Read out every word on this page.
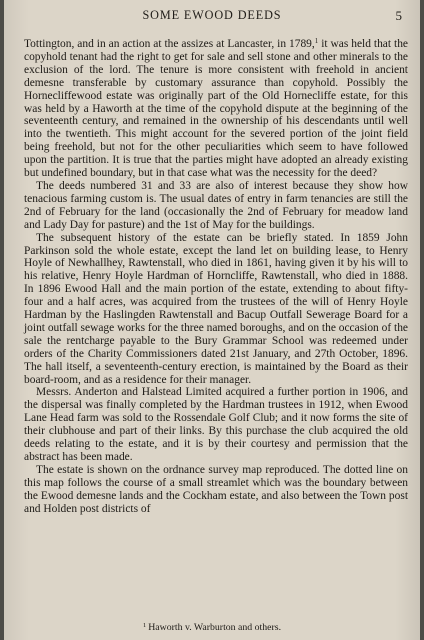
SOME EWOOD DEEDS	5

Tottington, and in an action at the assizes at Lancaster, in 1789,$^1$ it was held that the copyhold tenant had the right to get for sale and sell stone and other minerals to the exclusion of the lord. The tenure is more consistent with freehold in ancient demesne transferable by customary assurance than copyhold. Possibly the Hornecliffewood estate was originally part of the Old Hornecliffe estate, for this was held by a Haworth at the time of the copyhold dispute at the beginning of the seventeenth century, and remained in the ownership of his descendants until well into the twentieth. This might account for the severed portion of the joint field being freehold, but not for the other peculiarities which seem to have followed upon the partition. It is true that the parties might have adopted an already existing but undefined boundary, but in that case what was the necessity for the deed?

The deeds numbered 31 and 33 are also of interest because they show how tenacious farming custom is. The usual dates of entry in farm tenancies are still the 2nd of February for the land (occasionally the 2nd of February for meadow land and Lady Day for pasture) and the 1st of May for the buildings.

The subsequent history of the estate can be briefly stated. In 1859 John Parkinson sold the whole estate, except the land let on building lease, to Henry Hoyle of Newhallhey, Rawtenstall, who died in 1861, having given it by his will to his relative, Henry Hoyle Hardman of Horncliffe, Rawtenstall, who died in 1888. In 1896 Ewood Hall and the main portion of the estate, extending to about fifty-four and a half acres, was acquired from the trustees of the will of Henry Hoyle Hardman by the Haslingden Rawtenstall and Bacup Outfall Sewerage Board for a joint outfall sewage works for the three named boroughs, and on the occasion of the sale the rentcharge payable to the Bury Grammar School was redeemed under orders of the Charity Commissioners dated 21st January, and 27th October, 1896. The hall itself, a seventeenth-century erection, is maintained by the Board as their board-room, and as a residence for their manager.

Messrs. Anderton and Halstead Limited acquired a further portion in 1906, and the dispersal was finally completed by the Hardman trustees in 1912, when Ewood Lane Head farm was sold to the Rossendale Golf Club; and it now forms the site of their clubhouse and part of their links. By this purchase the club acquired the old deeds relating to the estate, and it is by their courtesy and permission that the abstract has been made.

The estate is shown on the ordnance survey map reproduced. The dotted line on this map follows the course of a small streamlet which was the boundary between the Ewood demesne lands and the Cockham estate, and also between the Town post and Holden post districts of

$^1$ Haworth v. Warburton and others.
